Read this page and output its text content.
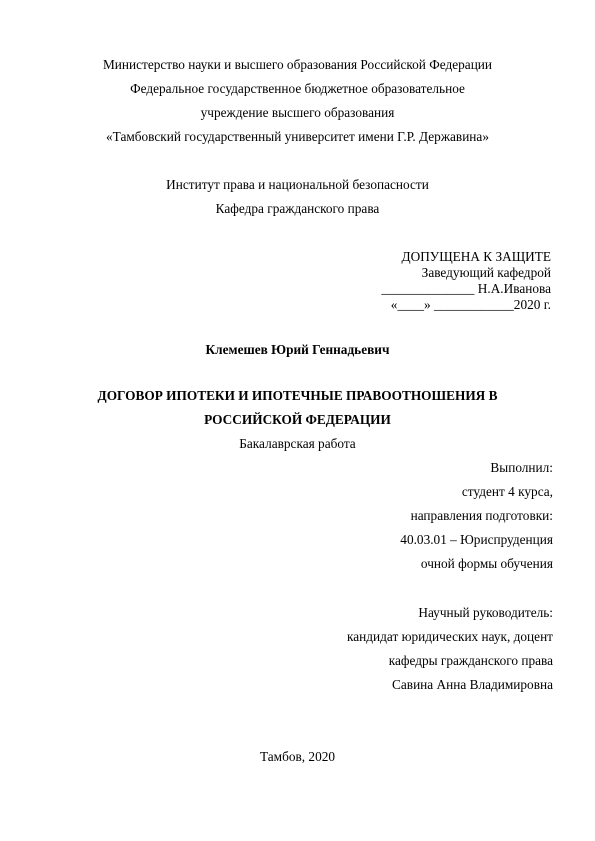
Министерство науки и высшего образования Российской Федерации
Федеральное государственное бюджетное образовательное
учреждение высшего образования
«Тамбовский государственный университет имени Г.Р. Державина»
Институт права и национальной безопасности
Кафедра гражданского права
ДОПУЩЕНА К ЗАЩИТЕ
Заведующий кафедрой
______________ Н.А.Иванова
«____» ____________2020 г.
Клемешев Юрий Геннадьевич
ДОГОВОР ИПОТЕКИ И ИПОТЕЧНЫЕ ПРАВООТНОШЕНИЯ В
РОССИЙСКОЙ ФЕДЕРАЦИИ
Бакалаврская работа
Выполнил:
студент 4 курса,
направления подготовки:
40.03.01 – Юриспруденция
очной формы обучения
Научный руководитель:
кандидат юридических наук, доцент
кафедры гражданского права
Савина Анна Владимировна
Тамбов, 2020
